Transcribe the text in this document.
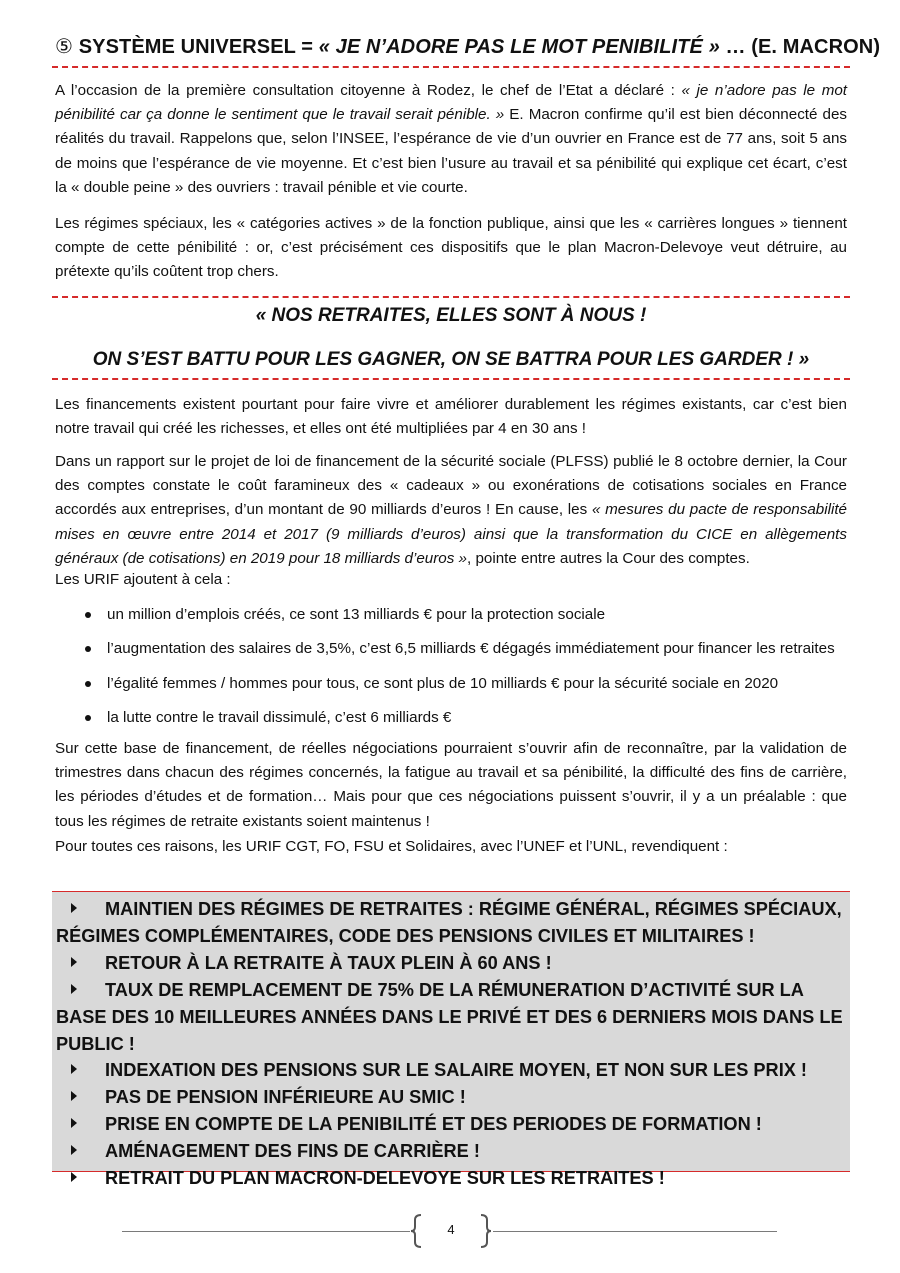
⑤ SYSTÈME UNIVERSEL = « JE N’ADORE PAS LE MOT PENIBILITÉ » … (E. MACRON)

A l’occasion de la première consultation citoyenne à Rodez, le chef de l’Etat a déclaré : « je n’adore pas le mot pénibilité car ça donne le sentiment que le travail serait pénible. » E. Macron confirme qu’il est bien déconnecté des réalités du travail. Rappelons que, selon l’INSEE, l’espérance de vie d’un ouvrier en France est de 77 ans, soit 5 ans de moins que l’espérance de vie moyenne. Et c’est bien l’usure au travail et sa pénibilité qui explique cet écart, c’est la « double peine » des ouvriers : travail pénible et vie courte.

Les régimes spéciaux, les « catégories actives » de la fonction publique, ainsi que les « carrières longues » tiennent compte de cette pénibilité : or, c’est précisément ces dispositifs que le plan Macron-Delevoye veut détruire, au prétexte qu’ils coûtent trop chers.

« NOS RETRAITES, ELLES SONT À NOUS !
ON S’EST BATTU POUR LES GAGNER, ON SE BATTRA POUR LES GARDER ! »

Les financements existent pourtant pour faire vivre et améliorer durablement les régimes existants, car c’est bien notre travail qui créé les richesses, et elles ont été multipliées par 4 en 30 ans !

Dans un rapport sur le projet de loi de financement de la sécurité sociale (PLFSS) publié le 8 octobre dernier, la Cour des comptes constate le coût faramineux des « cadeaux » ou exonérations de cotisations sociales en France accordés aux entreprises, d’un montant de 90 milliards d’euros ! En cause, les « mesures du pacte de responsabilité mises en œuvre entre 2014 et 2017 (9 milliards d’euros) ainsi que la transformation du CICE en allègements généraux (de cotisations) en 2019 pour 18 milliards d’euros », pointe entre autres la Cour des comptes.

Les URIF ajoutent à cela :

un million d’emplois créés, ce sont 13 milliards € pour la protection sociale
l’augmentation des salaires de 3,5%, c’est 6,5 milliards € dégagés immédiatement pour financer les retraites
l’égalité femmes / hommes pour tous, ce sont plus de 10 milliards € pour la sécurité sociale en 2020
la lutte contre le travail dissimulé, c’est 6 milliards €

Sur cette base de financement, de réelles négociations pourraient s’ouvrir afin de reconnaître, par la validation de trimestres dans chacun des régimes concernés, la fatigue au travail et sa pénibilité, la difficulté des fins de carrière, les périodes d’études et de formation… Mais pour que ces négociations puissent s’ouvrir, il y a un préalable : que tous les régimes de retraite existants soient maintenus !

Pour toutes ces raisons, les URIF CGT, FO, FSU et Solidaires, avec l’UNEF et l’UNL, revendiquent :

MAINTIEN DES RÉGIMES DE RETRAITES : RÉGIME GÉNÉRAL, RÉGIMES SPÉCIAUX, RÉGIMES COMPLÉMENTAIRES, CODE DES PENSIONS CIVILES ET MILITAIRES !
RETOUR À LA RETRAITE À TAUX PLEIN À 60 ANS !
TAUX DE REMPLACEMENT DE 75% DE LA RÉMUNERATION D’ACTIVITÉ SUR LA BASE DES 10 MEILLEURES ANNÉES DANS LE PRIVÉ ET DES 6 DERNIERS MOIS DANS LE PUBLIC !
INDEXATION DES PENSIONS SUR LE SALAIRE MOYEN, ET NON SUR LES PRIX !
PAS DE PENSION INFÉRIEURE AU SMIC !
PRISE EN COMPTE DE LA PENIBILITÉ ET DES PERIODES DE FORMATION !
AMÉNAGEMENT DES FINS DE CARRIÈRE !
RETRAIT DU PLAN MACRON-DELEVOYE SUR LES RETRAITES !
4
